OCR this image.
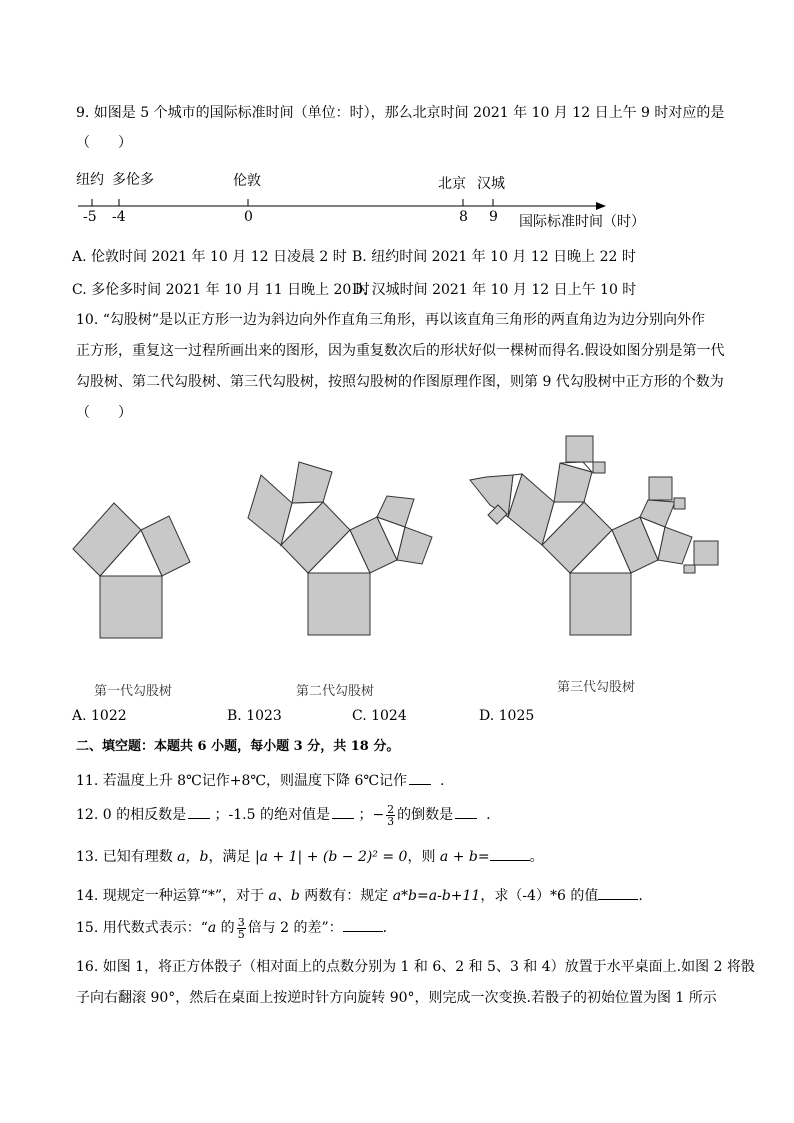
9. 如图是 5 个城市的国际标准时间（单位：时），那么北京时间 2021 年 10 月 12 日上午 9 时对应的是
（　　）
纽约 多伦多	伦敦	北京 汉城
-5 -4	0	8 9 国际标准时间（时）
A. 伦敦时间 2021 年 10 月 12 日凌晨 2 时 B. 纽约时间 2021 年 10 月 12 日晚上 22 时
C. 多伦多时间 2021 年 10 月 11 日晚上 20 时
D. 汉城时间 2021 年 10 月 12 日上午 10 时
10. “勾股树”是以正方形一边为斜边向外作直角三角形，再以该直角三角形的两直角边为边分别向外作
正方形，重复这一过程所画出来的图形，因为重复数次后的形状好似一棵树而得名.假设如图分别是第一代
勾股树、第二代勾股树、第三代勾股树，按照勾股树的作图原理作图，则第 9 代勾股树中正方形的个数为
（　　）
第一代勾股树	第二代勾股树	第三代勾股树
A. 1022	B. 1023	C. 1024	D. 1025
二、填空题：本题共 6 小题，每小题 3 分，共 18 分。
11. 若温度上升 8℃记作+8℃，则温度下降 6℃记作 .
12. 0 的相反数是 ；-1.5 的绝对值是 ；− $\frac{2}{3}$ 的倒数是 .
13. 已知有理数 a，b，满足 |a + 1| + (b − 2)² = 0，则 a + b=	。
14. 现规定一种运算“*”，对于 a、b 两数有：规定 a*b=a-b+11，求（-4）*6 的值	.
15. 用代数式表示：“a 的 $\frac{3}{5}$ 倍与 2 的差”：	.
16. 如图 1，将正方体骰子（相对面上的点数分别为 1 和 6、2 和 5、3 和 4）放置于水平桌面上.如图 2 将骰
子向右翻滚 90°，然后在桌面上按逆时针方向旋转 90°，则完成一次变换.若骰子的初始位置为图 1 所示
